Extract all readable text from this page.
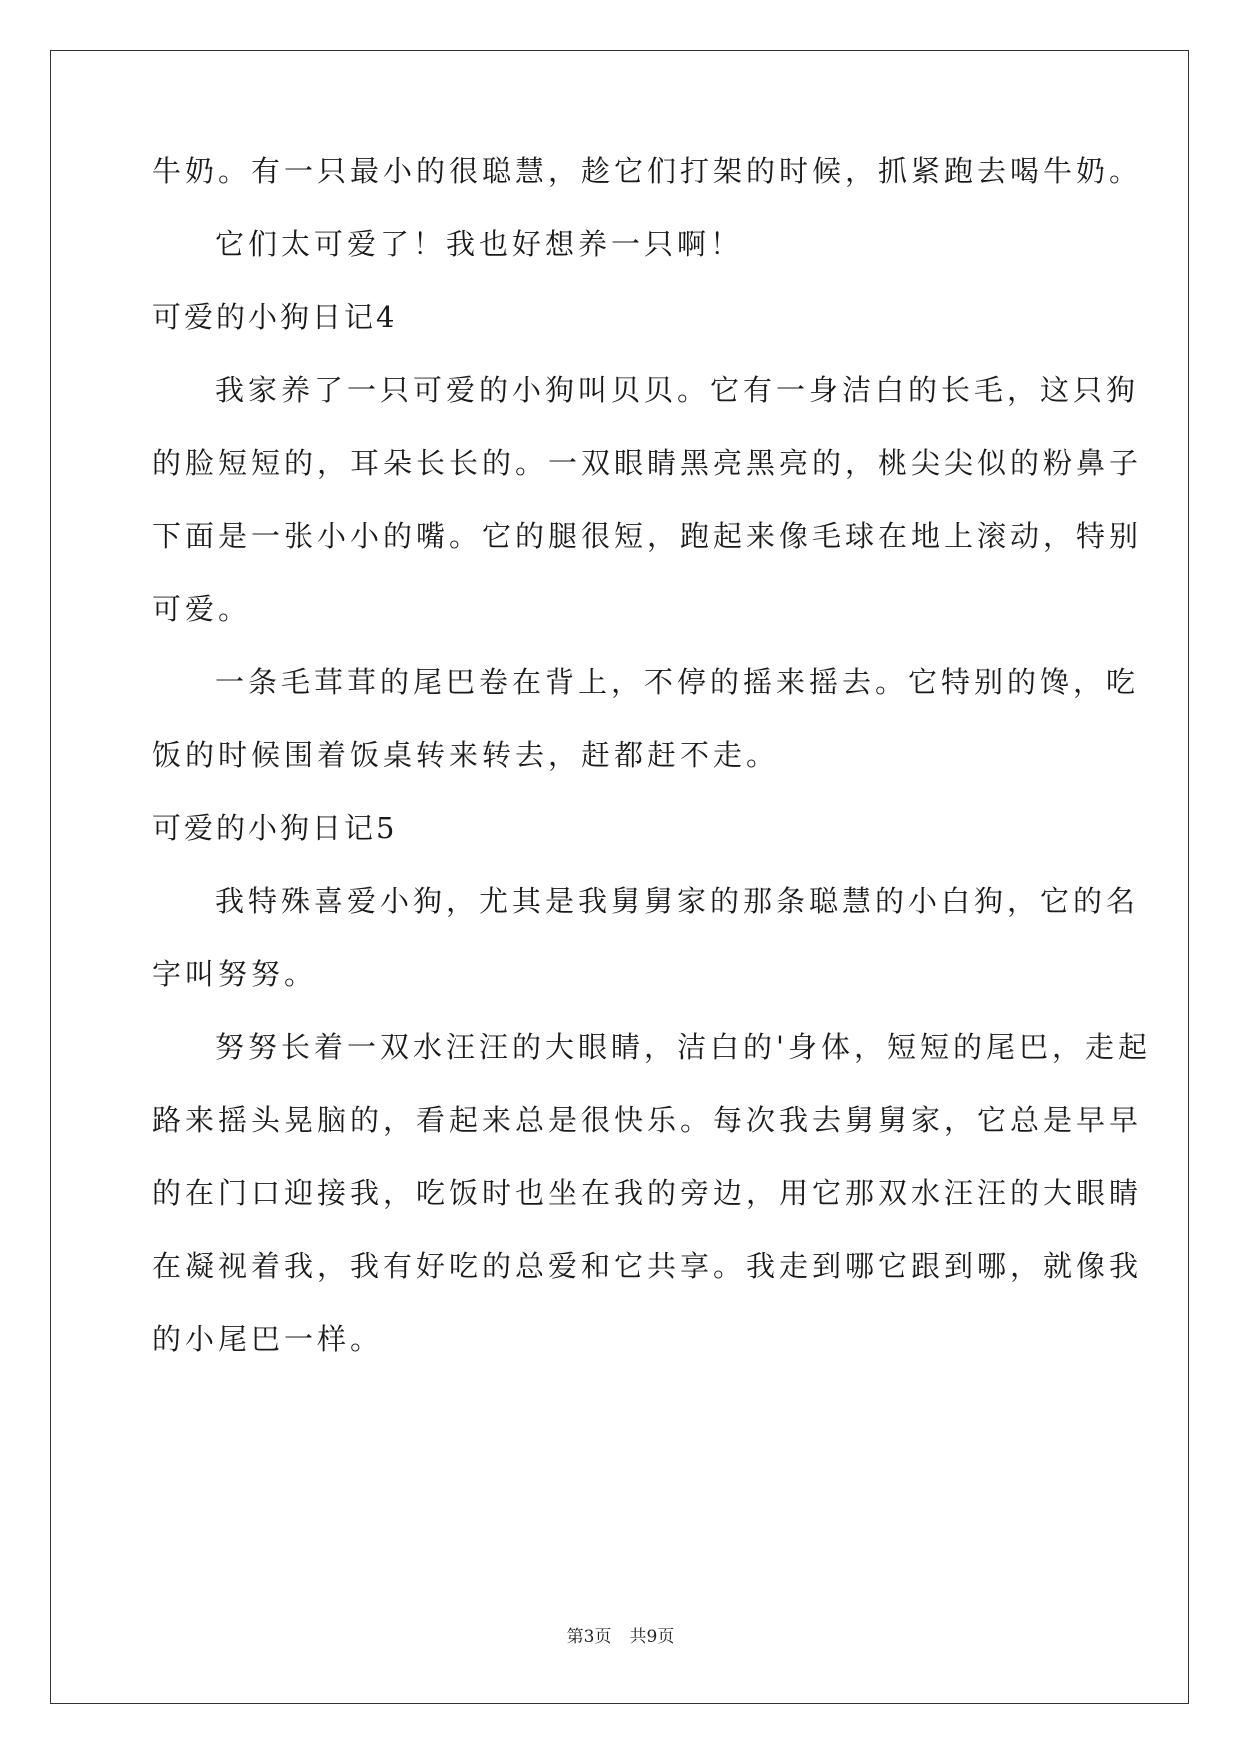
牛奶。有一只最小的很聪慧，趁它们打架的时候，抓紧跑去喝牛奶。
它们太可爱了！我也好想养一只啊！
可爱的小狗日记4
我家养了一只可爱的小狗叫贝贝。它有一身洁白的长毛，这只狗
的脸短短的，耳朵长长的。一双眼睛黑亮黑亮的，桃尖尖似的粉鼻子
下面是一张小小的嘴。它的腿很短，跑起来像毛球在地上滚动，特别
可爱。
一条毛茸茸的尾巴卷在背上，不停的摇来摇去。它特别的馋，吃
饭的时候围着饭桌转来转去，赶都赶不走。
可爱的小狗日记5
我特殊喜爱小狗，尤其是我舅舅家的那条聪慧的小白狗，它的名
字叫努努。
努努长着一双水汪汪的大眼睛，洁白的'身体，短短的尾巴，走起
路来摇头晃脑的，看起来总是很快乐。每次我去舅舅家，它总是早早
的在门口迎接我，吃饭时也坐在我的旁边，用它那双水汪汪的大眼睛
在凝视着我，我有好吃的总爱和它共享。我走到哪它跟到哪，就像我
的小尾巴一样。
第3页 共9页
